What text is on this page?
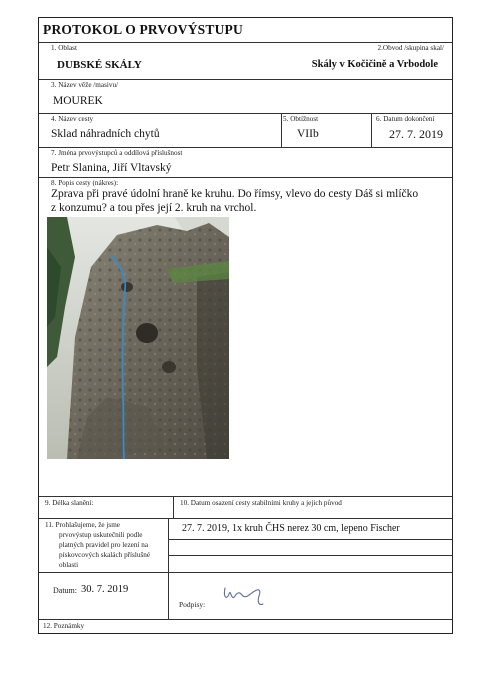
PROTOKOL O PRVOVÝSTUPU
1. Oblast
DUBSKÉ SKÁLY
2.Obvod /skupina skal/
Skály v Kočičině a Vrbodole
3. Název věže /masivu/
MOUREK
4. Název cesty
Sklad náhradních chytů
5. Obtížnost
VIIb
6. Datum dokončení
27. 7. 2019
7. Jména prvovýstupců a oddílová příslušnost
Petr Slanina, Jiří Vltavský
8. Popis cesty (nákres):
Zprava při pravé údolní hraně ke kruhu. Do římsy, vlevo do cesty Dáš si mlíčko
z konzumu? a tou přes její 2. kruh na vrchol.
9. Délka slanění:	10. Datum osazení cesty stabilními kruhy a jejich původ
27. 7. 2019, 1x kruh ČHS nerez 30 cm, lepeno Fischer
11. Prohlašujeme, že jsme
prvovýstup uskutečnili podle
platných pravidel pro lezení na
pískovcových skalách příslušné
oblasti
Datum: 30. 7. 2019
Podpisy:
12. Poznámky
